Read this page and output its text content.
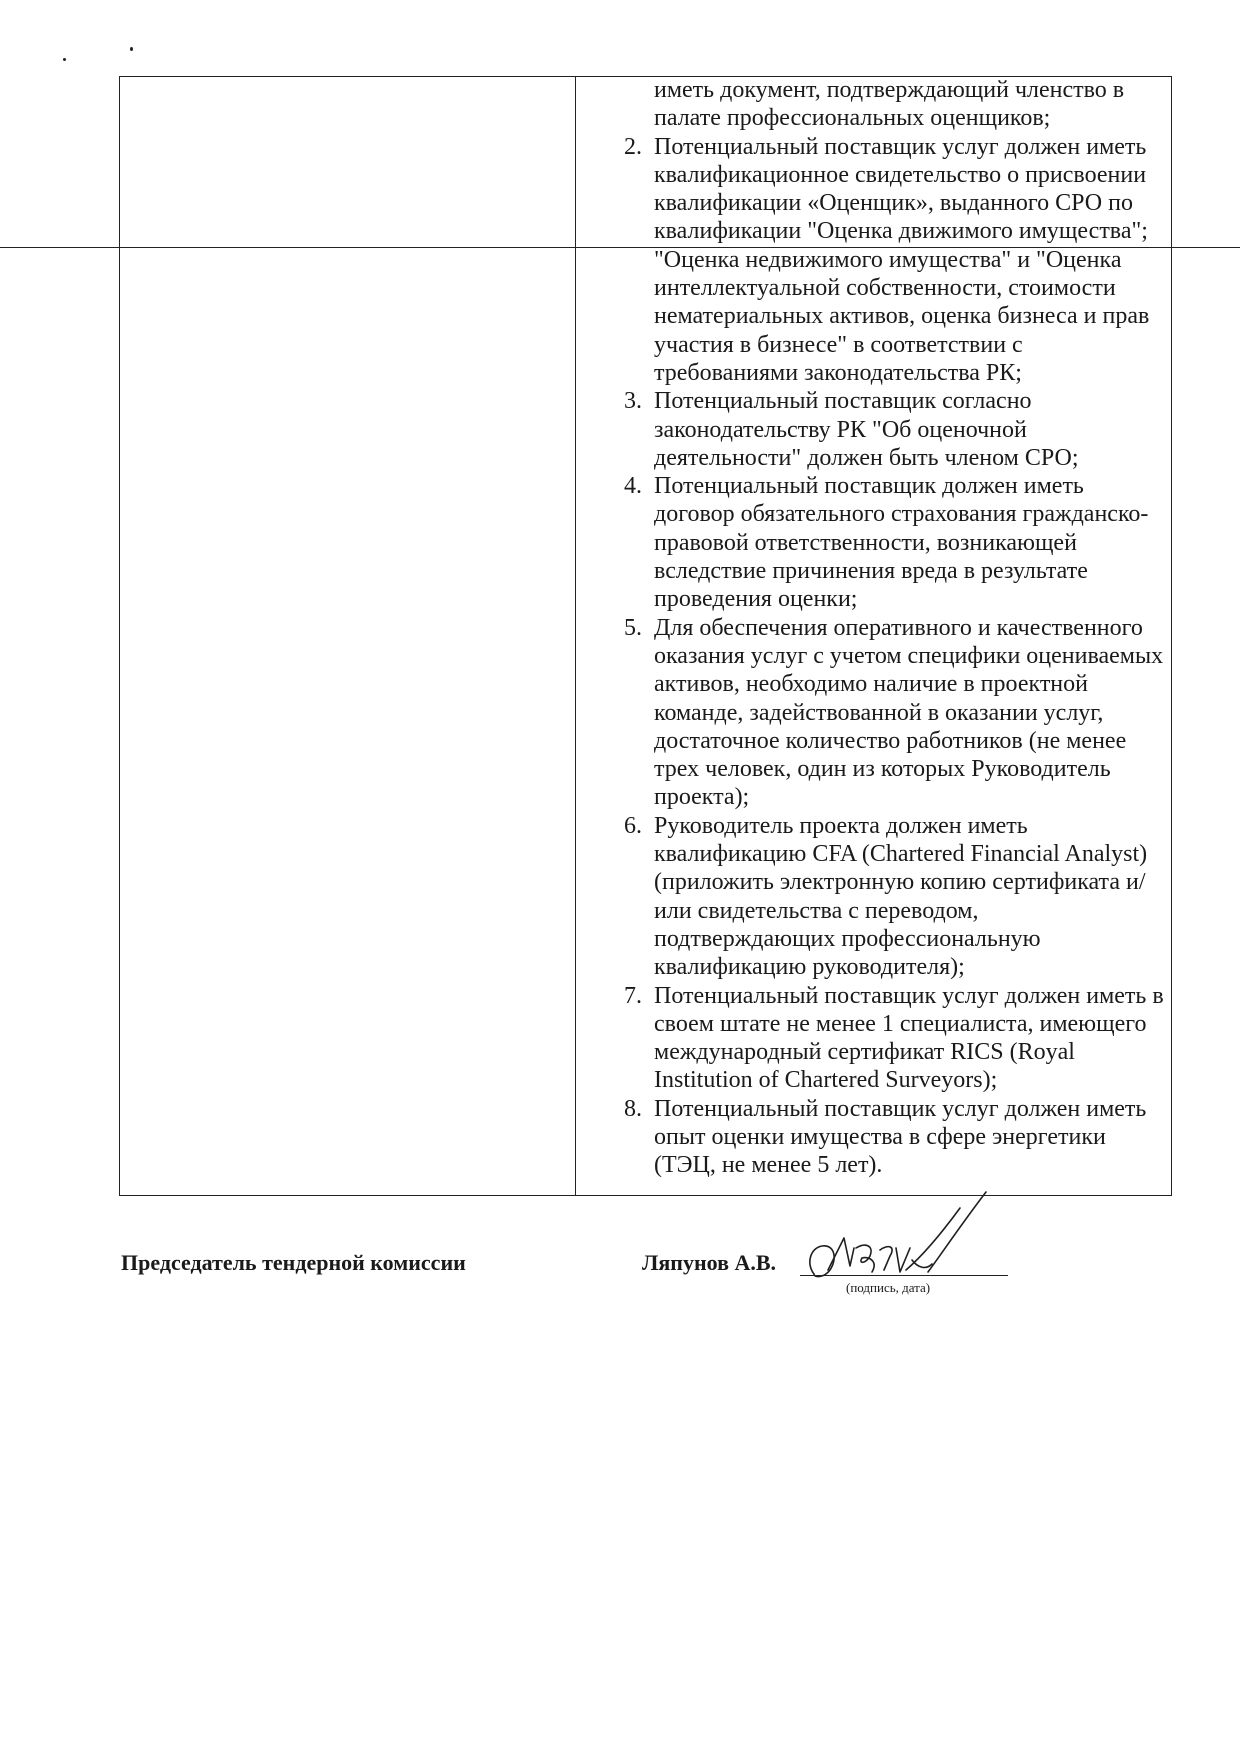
иметь документ, подтверждающий членство в палате профессиональных оценщиков;

2. Потенциальный поставщик услуг должен иметь квалификационное свидетельство о присвоении квалификации «Оценщик», выданного СРО по квалификации "Оценка движимого имущества"; "Оценка недвижимого имущества" и "Оценка интеллектуальной собственности, стоимости нематериальных активов, оценка бизнеса и прав участия в бизнесе" в соответствии с требованиями законодательства РК;
3. Потенциальный поставщик согласно законодательству РК "Об оценочной деятельности" должен быть членом СРО;
4. Потенциальный поставщик должен иметь договор обязательного страхования гражданско-правовой ответственности, возникающей вследствие причинения вреда в результате проведения оценки;
5. Для обеспечения оперативного и качественного оказания услуг с учетом специфики оцениваемых активов, необходимо наличие в проектной команде, задействованной в оказании услуг, достаточное количество работников (не менее трех человек, один из которых Руководитель проекта);
6. Руководитель проекта должен иметь квалификацию CFA (Chartered Financial Analyst) (приложить электронную копию сертификата и/или свидетельства с переводом, подтверждающих профессиональную квалификацию руководителя);
7. Потенциальный поставщик услуг должен иметь в своем штате не менее 1 специалиста, имеющего международный сертификат RICS (Royal Institution of Chartered Surveyors);
8. Потенциальный поставщик услуг должен иметь опыт оценки имущества в сфере энергетики (ТЭЦ, не менее 5 лет).
Председатель тендерной комиссии	Ляпунов А.В.
(подпись, дата)
